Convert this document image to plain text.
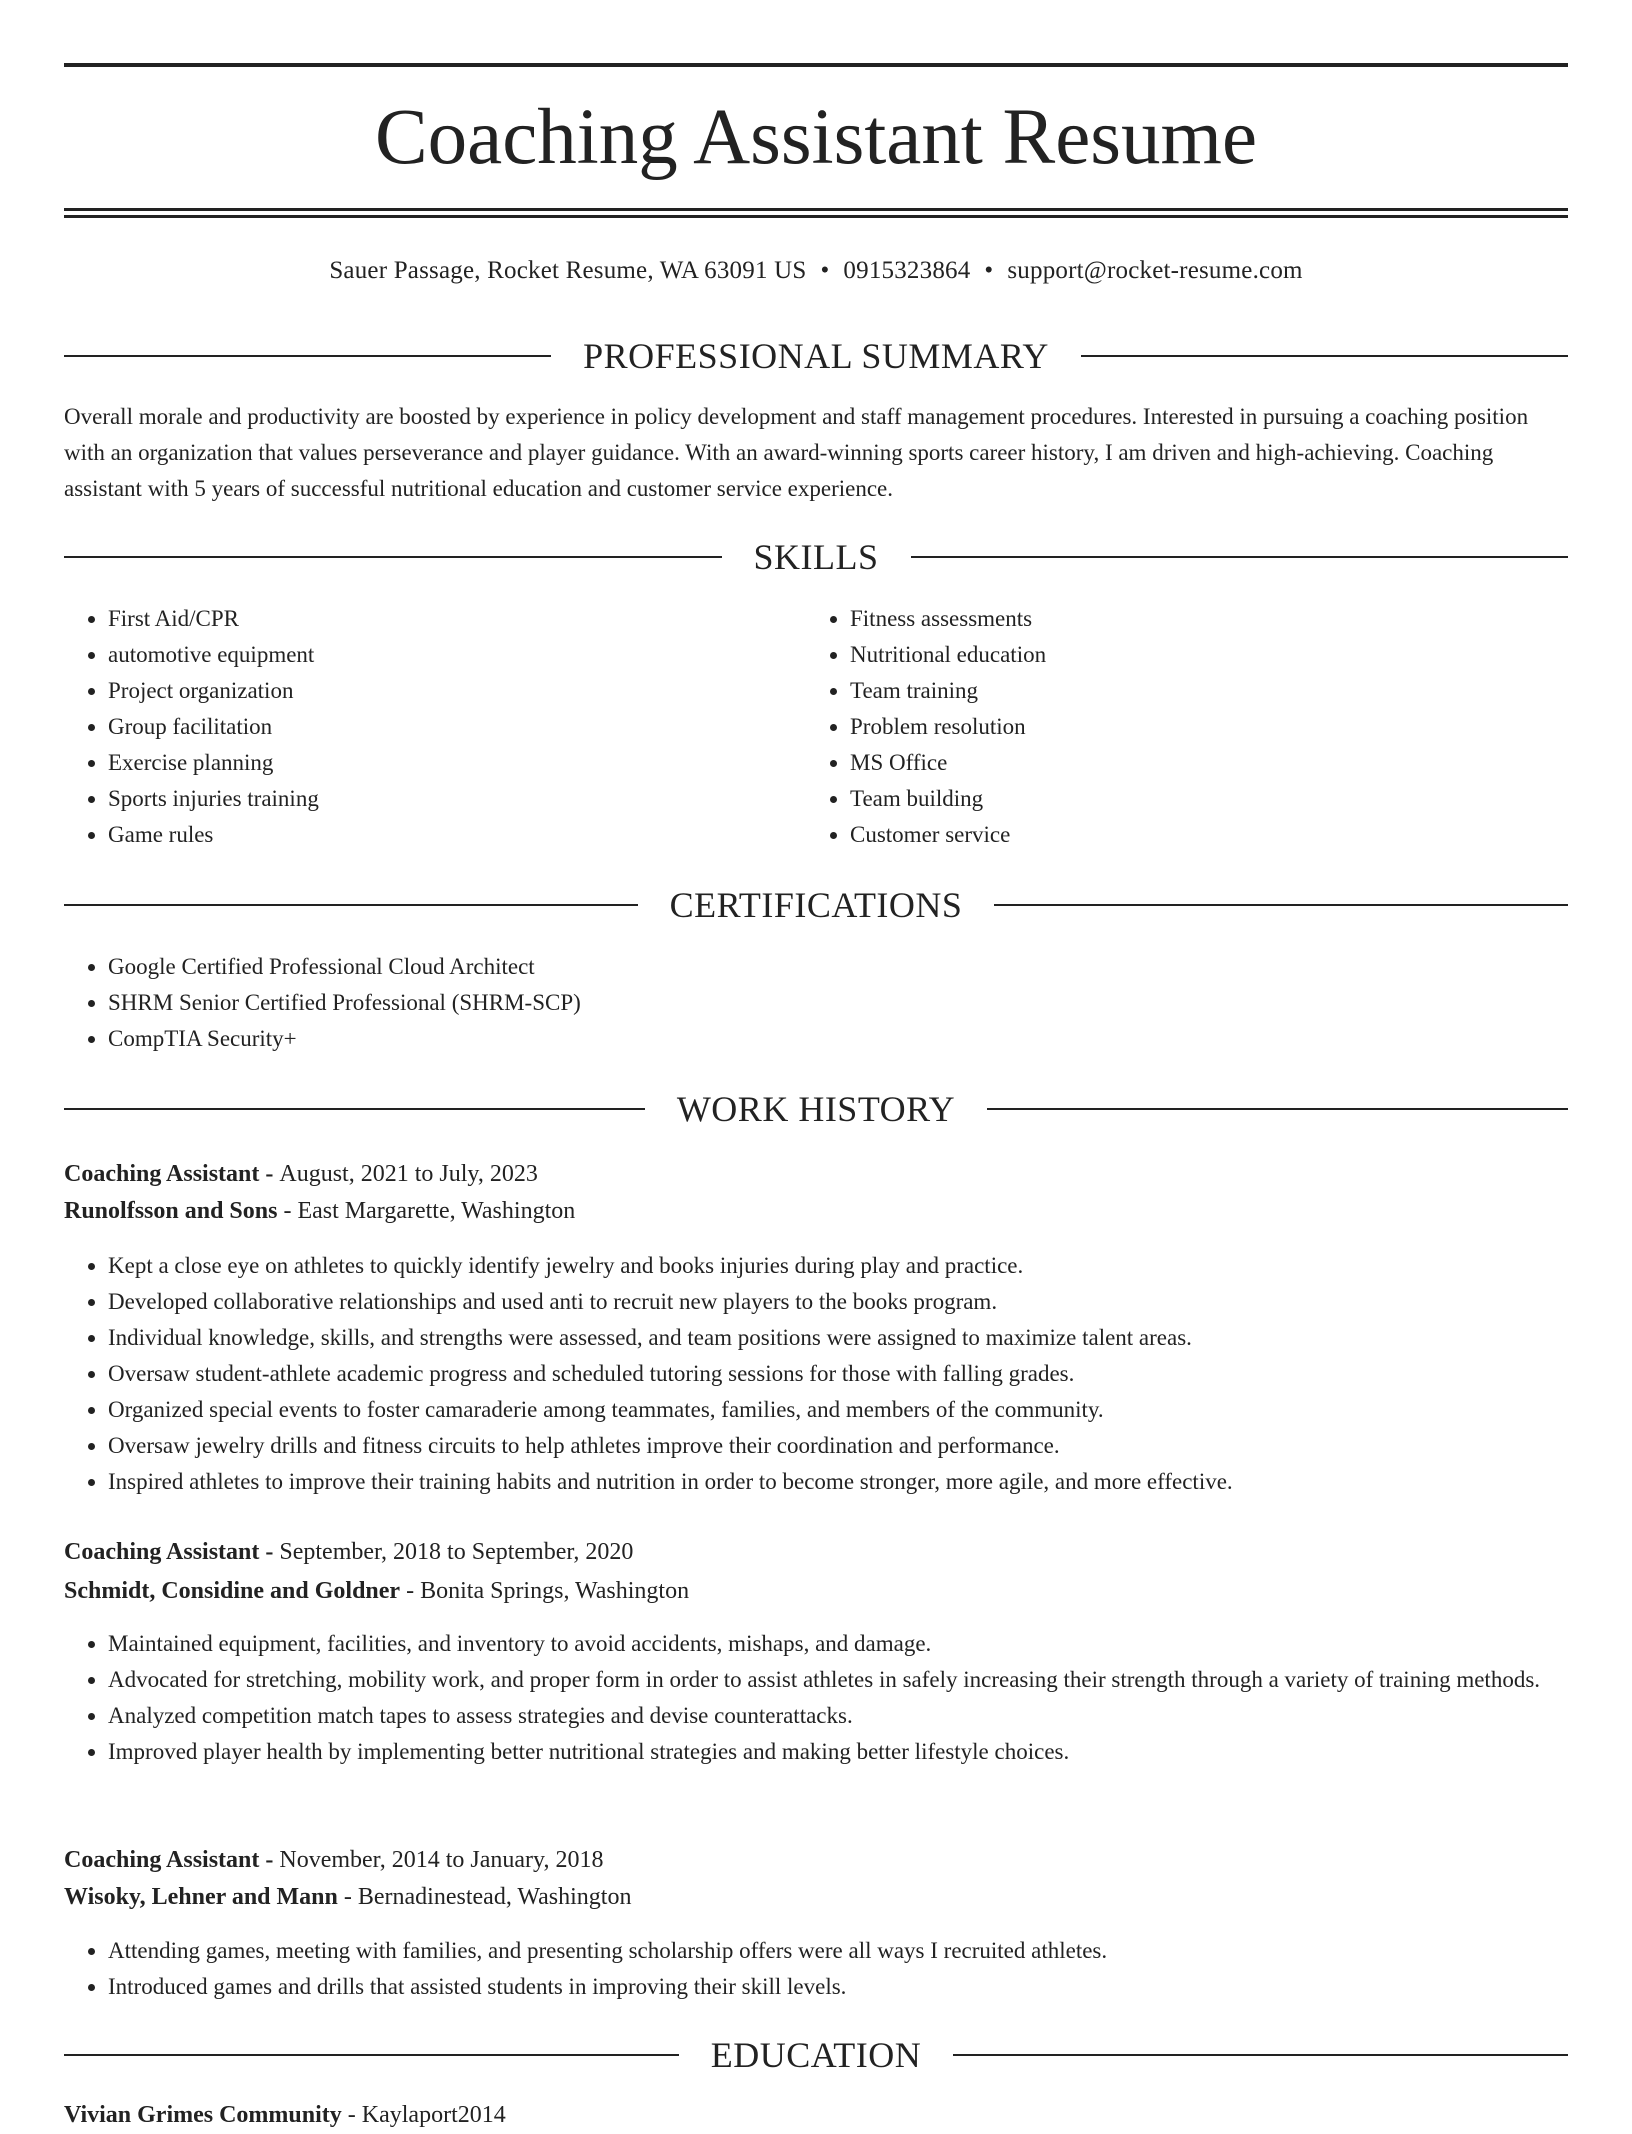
Coaching Assistant Resume
Sauer Passage, Rocket Resume, WA 63091 US • 0915323864 • support@rocket-resume.com
PROFESSIONAL SUMMARY

Overall morale and productivity are boosted by experience in policy development and staff management procedures. Interested in pursuing a coaching position with an organization that values perseverance and player guidance. With an award-winning sports career history, I am driven and high-achieving. Coaching assistant with 5 years of successful nutritional education and customer service experience.

SKILLS
• First Aid/CPR
• automotive equipment
• Project organization
• Group facilitation
• Exercise planning
• Sports injuries training
• Game rules
• Fitness assessments
• Nutritional education
• Team training
• Problem resolution
• MS Office
• Team building
• Customer service
CERTIFICATIONS
• Google Certified Professional Cloud Architect
• SHRM Senior Certified Professional (SHRM-SCP)
• CompTIA Security+
WORK HISTORY
Coaching Assistant - August, 2021 to July, 2023
Runolfsson and Sons - East Margarette, Washington
• Kept a close eye on athletes to quickly identify jewelry and books injuries during play and practice.
• Developed collaborative relationships and used anti to recruit new players to the books program.
• Individual knowledge, skills, and strengths were assessed, and team positions were assigned to maximize talent areas.
• Oversaw student-athlete academic progress and scheduled tutoring sessions for those with falling grades.
• Organized special events to foster camaraderie among teammates, families, and members of the community.
• Oversaw jewelry drills and fitness circuits to help athletes improve their coordination and performance.
• Inspired athletes to improve their training habits and nutrition in order to become stronger, more agile, and more effective.
Coaching Assistant - September, 2018 to September, 2020
Schmidt, Considine and Goldner - Bonita Springs, Washington
• Maintained equipment, facilities, and inventory to avoid accidents, mishaps, and damage.
• Advocated for stretching, mobility work, and proper form in order to assist athletes in safely increasing their strength through a variety of training methods.
• Analyzed competition match tapes to assess strategies and devise counterattacks.
• Improved player health by implementing better nutritional strategies and making better lifestyle choices.
Coaching Assistant - November, 2014 to January, 2018
Wisoky, Lehner and Mann - Bernadinestead, Washington
• Attending games, meeting with families, and presenting scholarship offers were all ways I recruited athletes.
• Introduced games and drills that assisted students in improving their skill levels.
EDUCATION
Vivian Grimes Community - Kaylaport2014
